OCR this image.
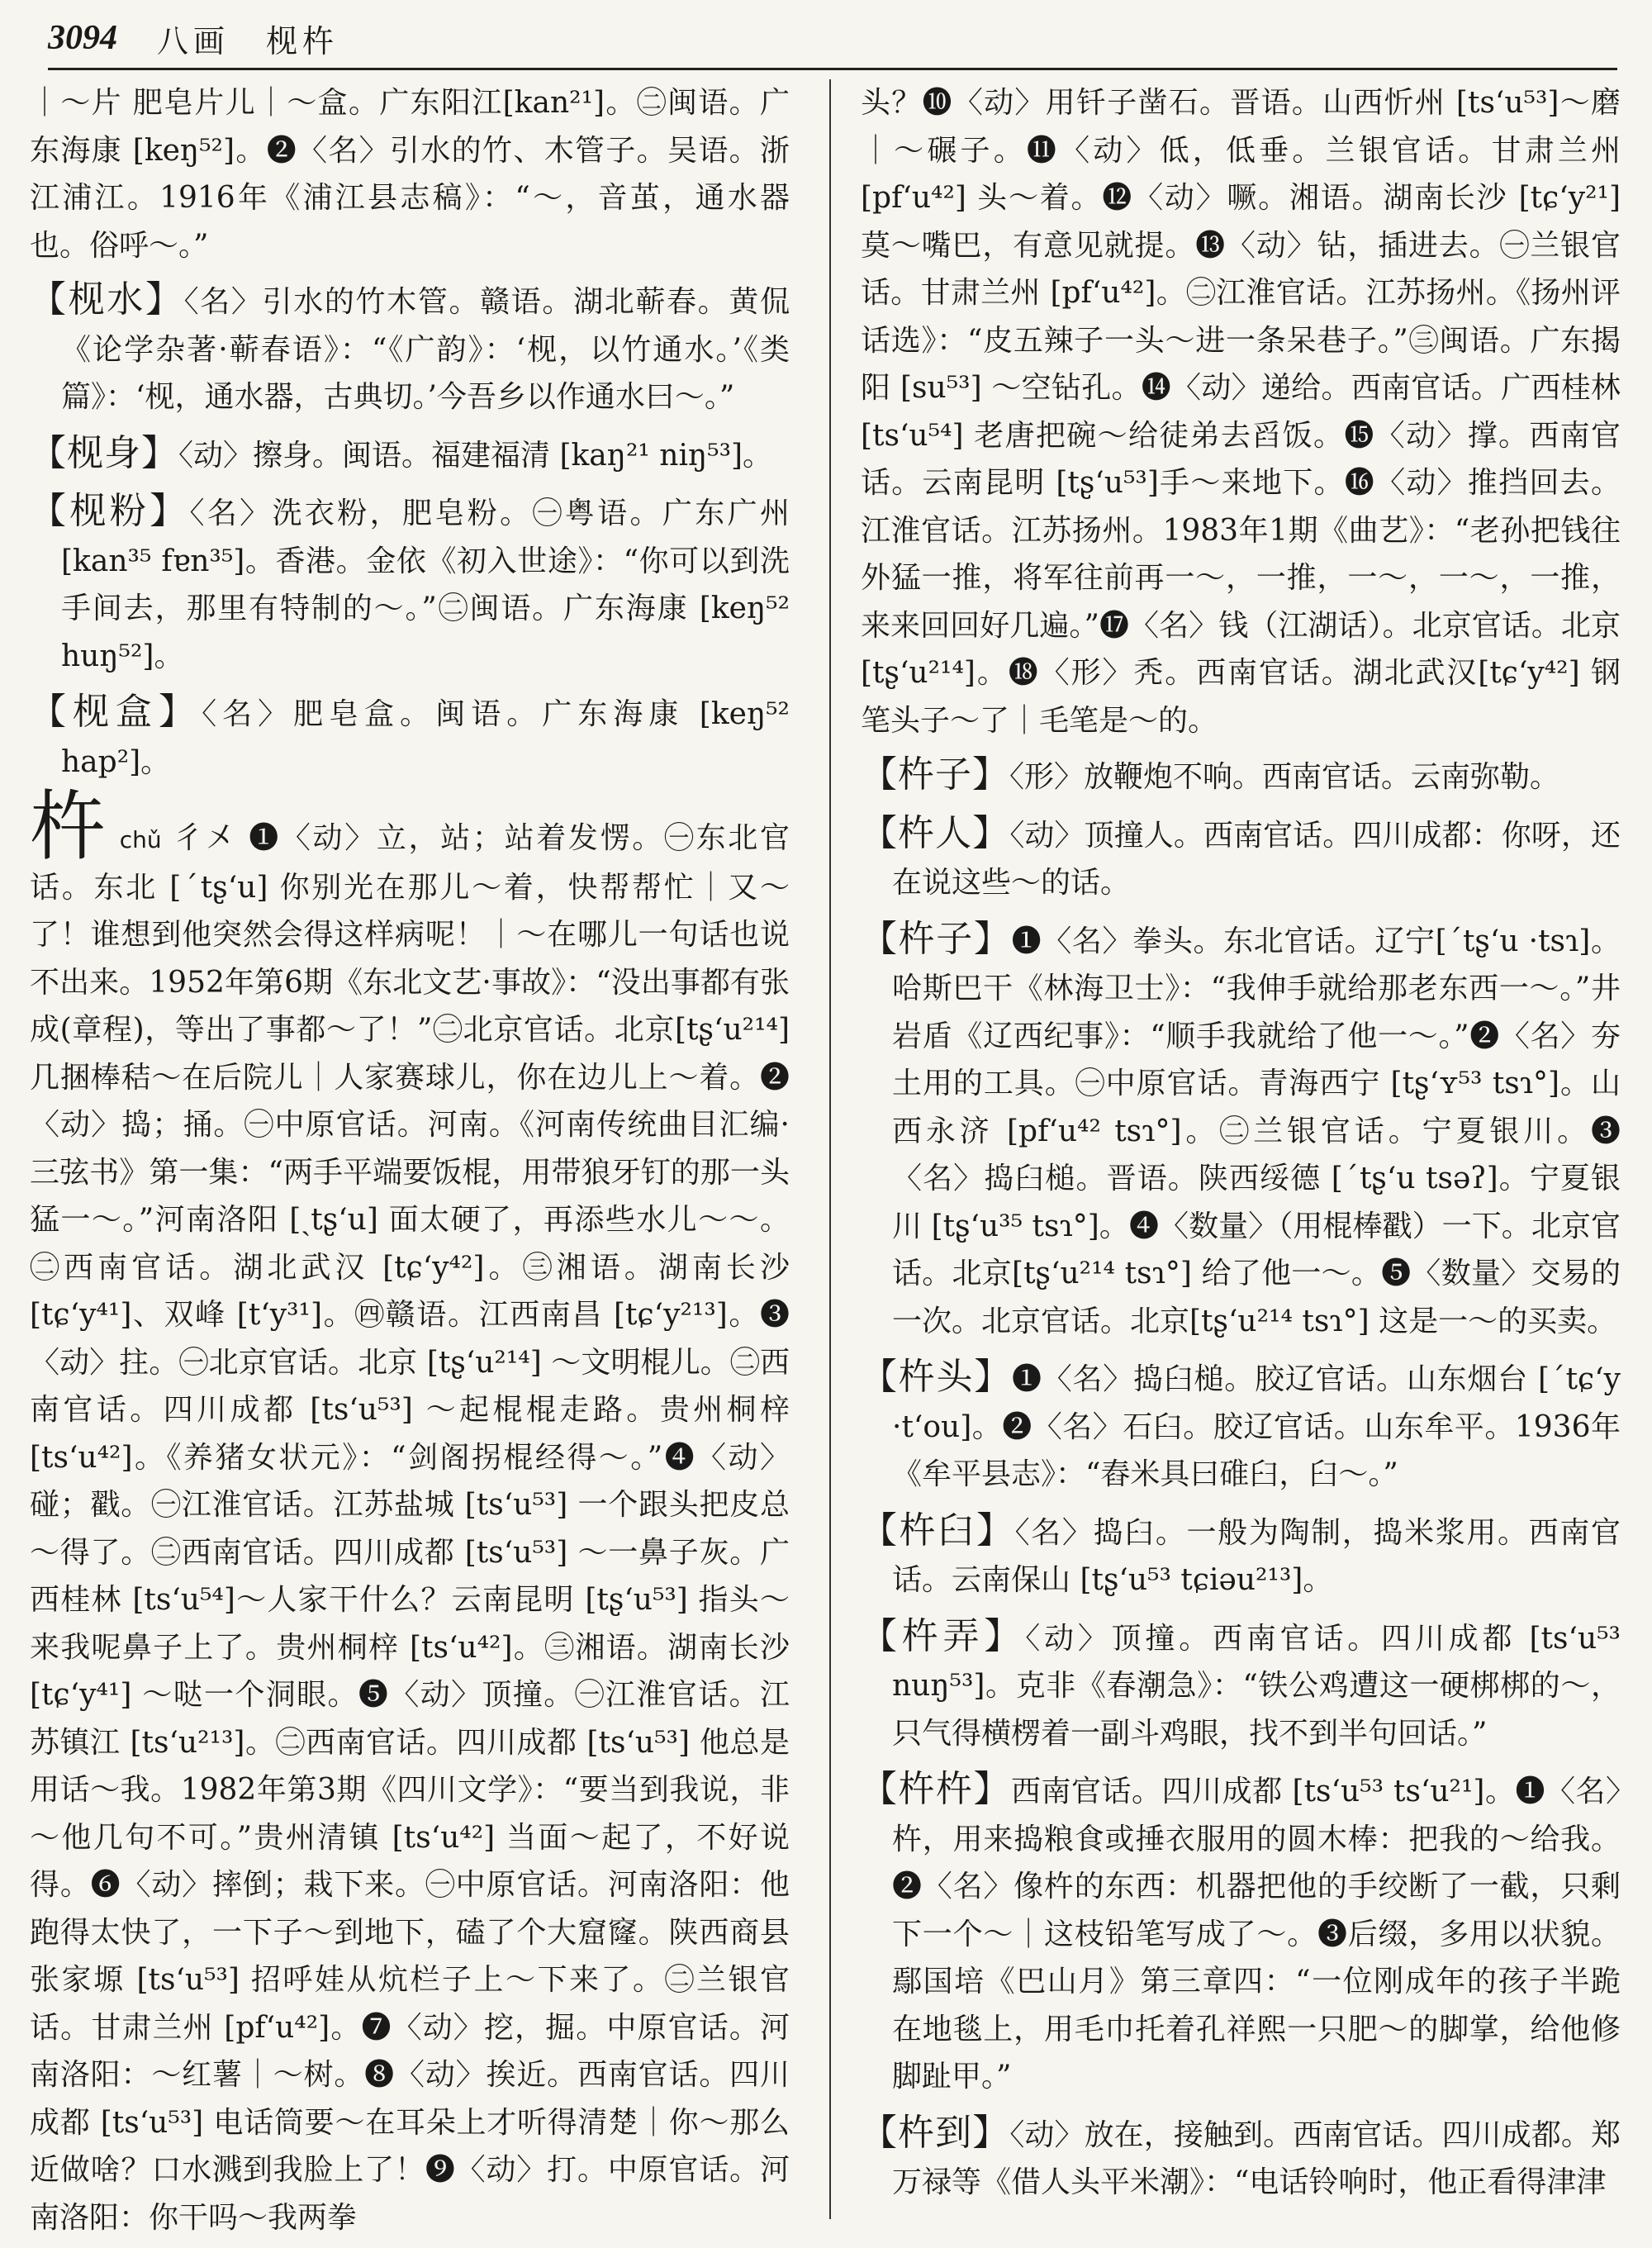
3094 八画　枧杵

｜～片 肥皂片儿｜～盒。广东阳江[kan²¹]。㊁闽语。广东海康 [keŋ⁵²]。❷〈名〉引水的竹、木管子。吴语。浙江浦江。1916年《浦江县志稿》：“～，音茧，通水器也。俗呼～。”

【枧水】〈名〉引水的竹木管。赣语。湖北蕲春。黄侃《论学杂著·蕲春语》：“《广韵》：‘枧，以竹通水。’《类篇》：‘枧，通水器，古典切。’今吾乡以作通水曰～。”

【枧身】〈动〉擦身。闽语。福建福清 [kaŋ²¹ niŋ⁵³]。

【枧粉】〈名〉洗衣粉，肥皂粉。㊀粤语。广东广州 [kan³⁵ fɐn³⁵]。香港。金依《初入世途》：“你可以到洗手间去，那里有特制的～。”㊁闽语。广东海康 [keŋ⁵² huŋ⁵²]。

【枧盒】〈名〉肥皂盒。闽语。广东海康 [keŋ⁵² hap²]。

杵chǔ 彳㐅 ❶〈动〉立，站；站着发愣。㊀东北官话。东北 [ˊtʂʻu] 你别光在那儿～着，快帮帮忙｜又～了！谁想到他突然会得这样病呢！｜～在哪儿一句话也说不出来。1952年第6期《东北文艺·事故》：“没出事都有张成(章程)，等出了事都～了！”㊁北京官话。北京[tʂʻu²¹⁴]几捆棒秸～在后院儿｜人家赛球儿，你在边儿上～着。❷〈动〉捣；捅。㊀中原官话。河南。《河南传统曲目汇编·三弦书》第一集：“两手平端要饭棍，用带狼牙钉的那一头猛一～。”河南洛阳 [ˏtʂʻu] 面太硬了，再添些水儿～～。㊁西南官话。湖北武汉 [tɕʻy⁴²]。㊂湘语。湖南长沙 [tɕʻy⁴¹]、双峰 [tʻy³¹]。㊃赣语。江西南昌 [tɕʻy²¹³]。❸〈动〉拄。㊀北京官话。北京 [tʂʻu²¹⁴] ～文明棍儿。㊁西南官话。四川成都 [tsʻu⁵³] ～起棍棍走路。贵州桐梓 [tsʻu⁴²]。《养猪女状元》：“剑阁拐棍经得～。”❹〈动〉碰；戳。㊀江淮官话。江苏盐城 [tsʻu⁵³] 一个跟头把皮总～得了。㊁西南官话。四川成都 [tsʻu⁵³] ～一鼻子灰。广西桂林 [tsʻu⁵⁴]～人家干什么？云南昆明 [tʂʻu⁵³] 指头～来我呢鼻子上了。贵州桐梓 [tsʻu⁴²]。㊂湘语。湖南长沙 [tɕʻy⁴¹] ～哒一个洞眼。❺〈动〉顶撞。㊀江淮官话。江苏镇江 [tsʻu²¹³]。㊁西南官话。四川成都 [tsʻu⁵³] 他总是用话～我。1982年第3期《四川文学》：“要当到我说，非～他几句不可。”贵州清镇 [tsʻu⁴²] 当面～起了，不好说得。❻〈动〉摔倒；栽下来。㊀中原官话。河南洛阳：他跑得太快了，一下子～到地下，磕了个大窟窿。陕西商县张家塬 [tsʻu⁵³] 招呼娃从炕栏子上～下来了。㊁兰银官话。甘肃兰州 [pfʻu⁴²]。❼〈动〉挖，掘。中原官话。河南洛阳：～红薯｜～树。❽〈动〉挨近。西南官话。四川成都 [tsʻu⁵³] 电话筒要～在耳朵上才听得清楚｜你～那么近做啥？口水溅到我脸上了！❾〈动〉打。中原官话。河南洛阳：你干吗～我两拳

头？❿〈动〉用钎子凿石。晋语。山西忻州 [tsʻu⁵³]～磨｜～碾子。⓫〈动〉低，低垂。兰银官话。甘肃兰州 [pfʻu⁴²] 头～着。⓬〈动〉噘。湘语。湖南长沙 [tɕʻy²¹] 莫～嘴巴，有意见就提。⓭〈动〉钻，插进去。㊀兰银官话。甘肃兰州 [pfʻu⁴²]。㊁江淮官话。江苏扬州。《扬州评话选》：“皮五辣子一头～进一条呆巷子。”㊂闽语。广东揭阳 [su⁵³] ～空钻孔。⓮〈动〉递给。西南官话。广西桂林 [tsʻu⁵⁴] 老唐把碗～给徒弟去舀饭。⓯〈动〉撑。西南官话。云南昆明 [tʂʻu⁵³]手～来地下。⓰〈动〉推挡回去。江淮官话。江苏扬州。1983年1期《曲艺》：“老孙把钱往外猛一推，将军往前再一～，一推，一～，一～，一推，来来回回好几遍。”⓱〈名〉钱（江湖话）。北京官话。北京[tʂʻu²¹⁴]。⓲〈形〉秃。西南官话。湖北武汉[tɕʻy⁴²] 钢笔头子～了｜毛笔是～的。

【杵子】〈形〉放鞭炮不响。西南官话。云南弥勒。

【杵人】〈动〉顶撞人。西南官话。四川成都：你呀，还在说这些～的话。

【杵子】❶〈名〉拳头。东北官话。辽宁[ˊtʂʻu ·tsɿ]。哈斯巴干《林海卫士》：“我伸手就给那老东西一～。”井岩盾《辽西纪事》：“顺手我就给了他一～。”❷〈名〉夯土用的工具。㊀中原官话。青海西宁 [tʂʻʏ⁵³ tsɿ°]。山西永济 [pfʻu⁴² tsɿ°]。㊁兰银官话。宁夏银川。❸〈名〉捣臼槌。晋语。陕西绥德 [ˊtʂʻu tsəʔ]。宁夏银川 [tʂʻu³⁵ tsɿ°]。❹〈数量〉（用棍棒戳）一下。北京官话。北京[tʂʻu²¹⁴ tsɿ°] 给了他一～。❺〈数量〉交易的一次。北京官话。北京[tʂʻu²¹⁴ tsɿ°] 这是一～的买卖。

【杵头】❶〈名〉捣臼槌。胶辽官话。山东烟台 [ˊtɕʻy ·tʻou]。❷〈名〉石臼。胶辽官话。山东牟平。1936年《牟平县志》：“舂米具曰碓臼，臼～。”

【杵臼】〈名〉捣臼。一般为陶制，捣米浆用。西南官话。云南保山 [tʂʻu⁵³ tɕiəu²¹³]。

【杵弄】〈动〉顶撞。西南官话。四川成都 [tsʻu⁵³ nuŋ⁵³]。克非《春潮急》：“铁公鸡遭这一硬梆梆的～，只气得横楞着一副斗鸡眼，找不到半句回话。”

【杵杵】西南官话。四川成都 [tsʻu⁵³ tsʻu²¹]。❶〈名〉杵，用来捣粮食或捶衣服用的圆木棒：把我的～给我。❷〈名〉像杵的东西：机器把他的手绞断了一截，只剩下一个～｜这枝铅笔写成了～。❸后缀，多用以状貌。鄢国培《巴山月》第三章四：“一位刚成年的孩子半跪在地毯上，用毛巾托着孔祥熙一只肥～的脚掌，给他修脚趾甲。”

【杵到】〈动〉放在，接触到。西南官话。四川成都。郑万禄等《借人头平米潮》：“电话铃响时，他正看得津津
